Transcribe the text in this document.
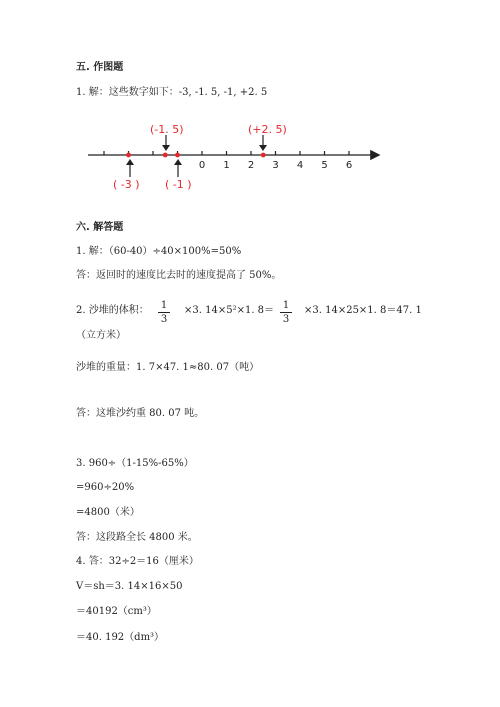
五. 作图题
1. 解：这些数字如下：-3, -1. 5, -1, +2. 5
0 1 2 3 4 5 6
(-1. 5)	(+2. 5)
( -3 ) ( -1 )
六. 解答题
1. 解：（60-40）÷40×100%=50%
答：返回时的速度比去时的速度提高了 50%。
2. 沙堆的体积： 1
3
×3. 14×5²×1. 8＝ 1
3
×3. 14×25×1. 8＝47. 1
（立方米）
沙堆的重量：1. 7×47. 1≈80. 07（吨）
答：这堆沙约重 80. 07 吨。
3. 960÷（1-15%-65%）
=960÷20%
=4800（米）
答：这段路全长 4800 米。
4. 答：32÷2＝16（厘米）
V＝sh＝3. 14×16×50
＝40192（cm³）
＝40. 192（dm³）
